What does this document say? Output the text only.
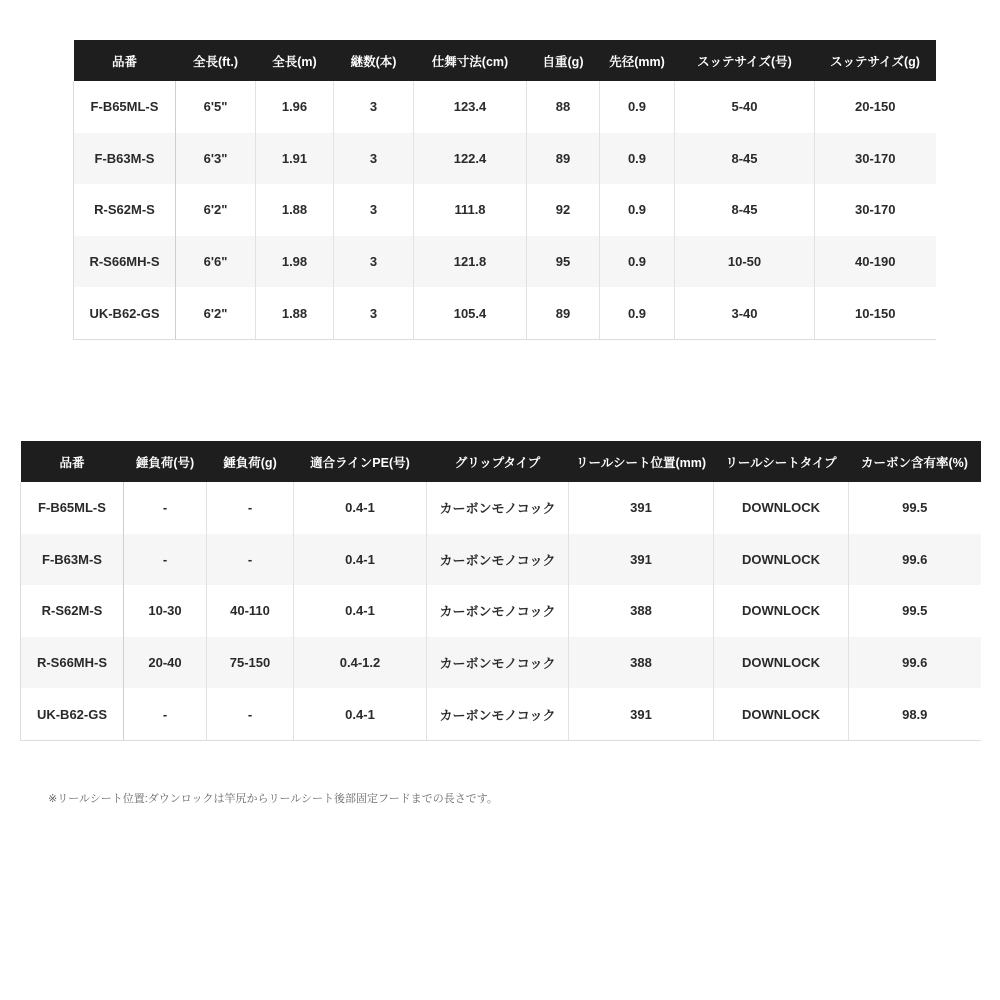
品番	全長(ft.)	全長(m)	継数(本)	仕舞寸法(cm)	自重(g)	先径(mm)	スッテサイズ(号)	スッテサイズ(g)
F-B65ML-S	6'5"	1.96	3	123.4	88	0.9	5-40	20-150
F-B63M-S	6'3"	1.91	3	122.4	89	0.9	8-45	30-170
R-S62M-S	6'2"	1.88	3	111.8	92	0.9	8-45	30-170
R-S66MH-S	6'6"	1.98	3	121.8	95	0.9	10-50	40-190
UK-B62-GS	6'2"	1.88	3	105.4	89	0.9	3-40	10-150
品番	錘負荷(号)	錘負荷(g)	適合ラインPE(号)	グリップタイプ	リールシート位置(mm)	リールシートタイプ	カーボン含有率(%)
F-B65ML-S	-	-	0.4-1	カーボンモノコック	391	DOWNLOCK	99.5
F-B63M-S	-	-	0.4-1	カーボンモノコック	391	DOWNLOCK	99.6
R-S62M-S	10-30	40-110	0.4-1	カーボンモノコック	388	DOWNLOCK	99.5
R-S66MH-S	20-40	75-150	0.4-1.2	カーボンモノコック	388	DOWNLOCK	99.6
UK-B62-GS	-	-	0.4-1	カーボンモノコック	391	DOWNLOCK	98.9
※リールシート位置:ダウンロックは竿尻からリールシート後部固定フードまでの長さです。
